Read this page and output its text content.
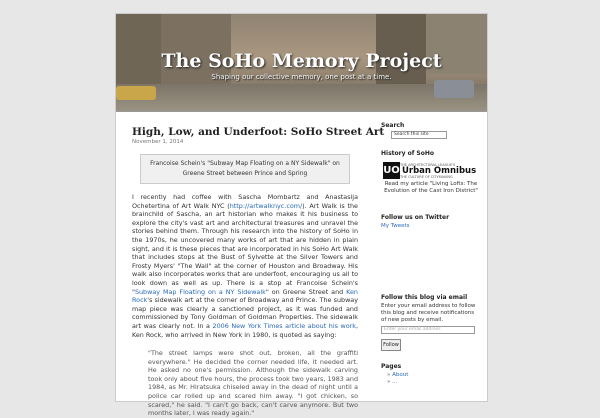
The SoHo Memory Project
Shaping our collective memory, one post at a time.
High, Low, and Underfoot: SoHo Street Art
November 1, 2014
Francoise Schein's "Subway Map Floating on a NY Sidewalk" on Greene Street between Prince and Spring
I recently had coffee with Sascha Mombartz and Anastasija Ochetertina of Art Walk NYC (http://artwalknyc.com/). Art Walk is the brainchild of Sascha, an art historian who makes it his business to explore the city's vast art and architectural treasures and unravel the stories behind them. Through his research into the history of SoHo in the 1970s, he uncovered many works of art that are hidden in plain sight, and it is these pieces that are incorporated in his SoHo Art Walk that includes stops at the Bust of Sylvette at the Silver Towers and Frosty Myers' "The Wall" at the corner of Houston and Broadway. His walk also incorporates works that are underfoot, encouraging us all to look down as well as up. There is a stop at Francoise Schein's "Subway Map Floating on a NY Sidewalk" on Greene Street and Ken Rock's sidewalk art at the corner of Broadway and Prince. The subway map piece was clearly a sanctioned project, as it was funded and commissioned by Tony Goldman of Goldman Properties. The sidewalk art was clearly not. In a 2006 New York Times article about his work, Ken Rock, who arrived in New York in 1980, is quoted as saying:
"The street lamps were shot out, broken, all the graffiti everywhere." He decided the corner needed life, it needed art. He asked no one's permission. Although the sidewalk carving took only about five hours, the process took two years, 1983 and 1984, as Mr. Hiratsuka chiseled away in the dead of night until a police car rolled up and scared him away. "I got chicken, so scared," he said. "I can't go back, can't carve anymore. But two months later, I was ready again."
Search
Search this site
History of SoHo
UO
THE ARCHITECTURAL LEAGUE'S
Urban Omnibus
THE CULTURE OF CITYMAKING
Read my article "Living Lofts: The Evolution of the Cast Iron District"
Follow us on Twitter
My Tweets
Follow this blog via email
Enter your email address to follow this blog and receive notifications of new posts by email.
Enter your email address
Follow
Pages
» About
» ...
